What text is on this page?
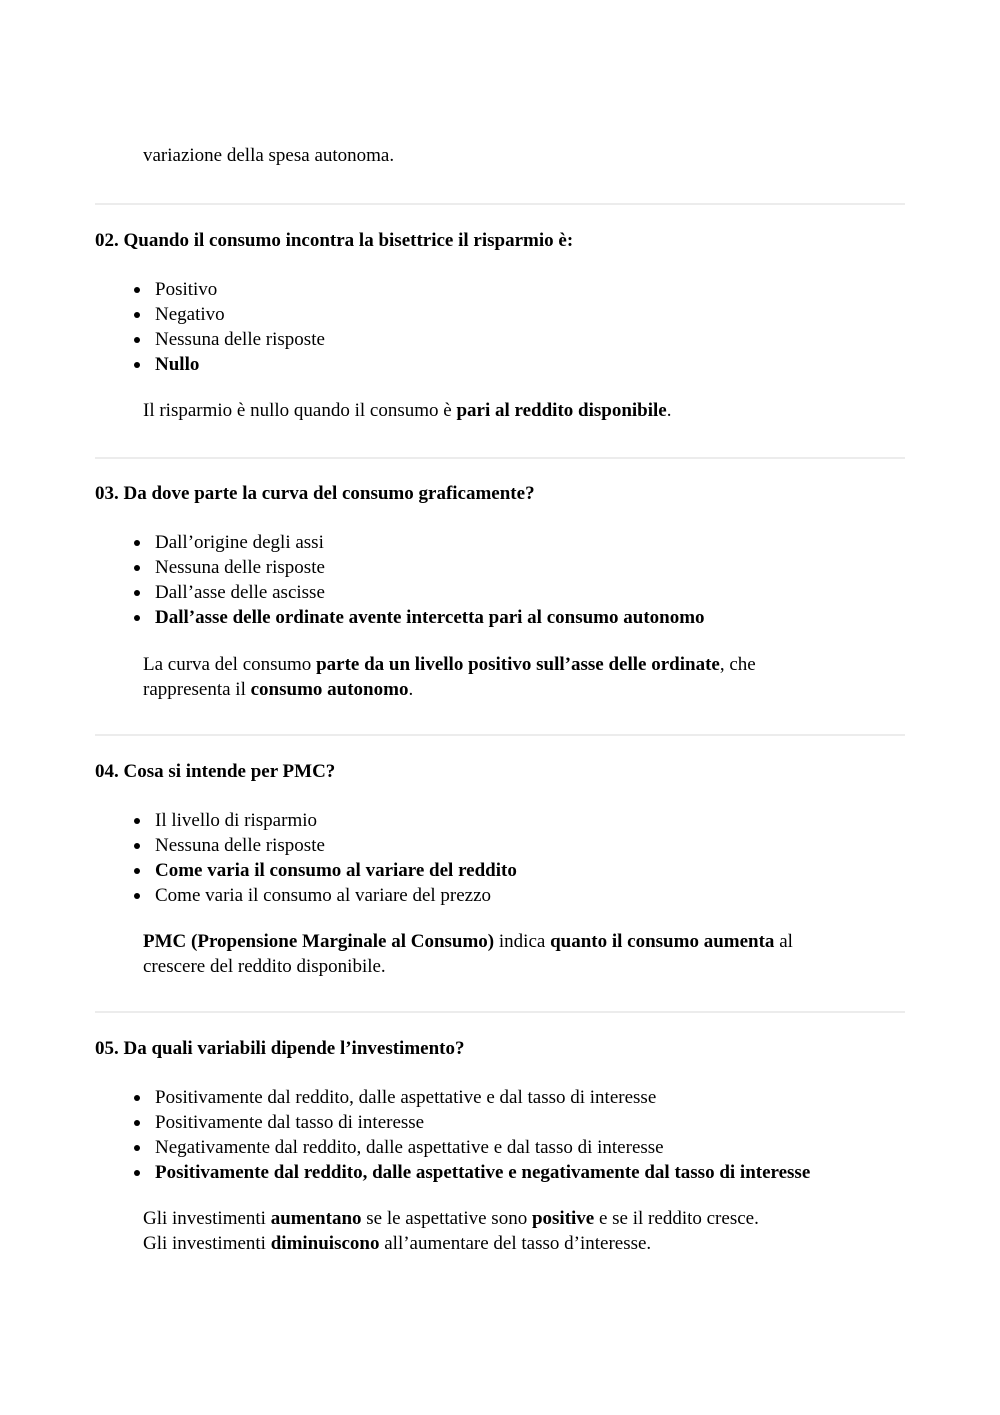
variazione della spesa autonoma.

02. Quando il consumo incontra la bisettrice il risparmio è:

Positivo
Negativo
Nessuna delle risposte
Nullo

Il risparmio è nullo quando il consumo è pari al reddito disponibile.

03. Da dove parte la curva del consumo graficamente?

Dall’origine degli assi
Nessuna delle risposte
Dall’asse delle ascisse
Dall’asse delle ordinate avente intercetta pari al consumo autonomo

La curva del consumo parte da un livello positivo sull’asse delle ordinate, che
rappresenta il consumo autonomo.

04. Cosa si intende per PMC?

Il livello di risparmio
Nessuna delle risposte
Come varia il consumo al variare del reddito
Come varia il consumo al variare del prezzo

PMC (Propensione Marginale al Consumo) indica quanto il consumo aumenta al
crescere del reddito disponibile.

05. Da quali variabili dipende l’investimento?

Positivamente dal reddito, dalle aspettative e dal tasso di interesse
Positivamente dal tasso di interesse
Negativamente dal reddito, dalle aspettative e dal tasso di interesse
Positivamente dal reddito, dalle aspettative e negativamente dal tasso di interesse

Gli investimenti aumentano se le aspettative sono positive e se il reddito cresce.
Gli investimenti diminuiscono all’aumentare del tasso d’interesse.
